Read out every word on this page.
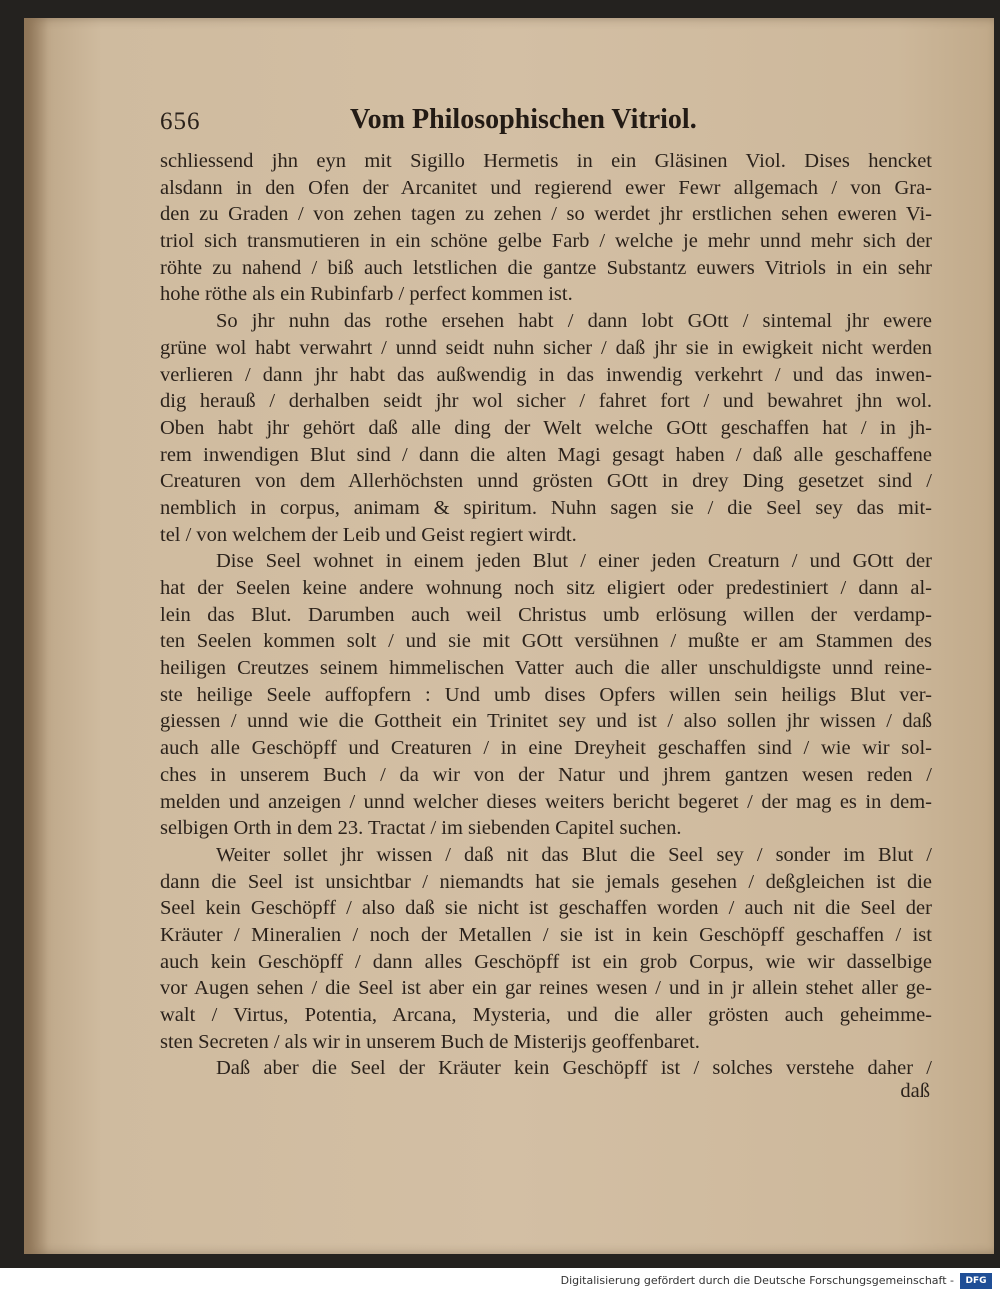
656	Vom Philosophischen Vitriol.
schliessend jhn eyn mit Sigillo Hermetis in ein Gläsinen Viol. Dises hencket
alsdann in den Ofen der Arcanitet und regierend ewer Fewr allgemach / von Gra-
den zu Graden / von zehen tagen zu zehen / so werdet jhr erstlichen sehen eweren Vi-
triol sich transmutieren in ein schöne gelbe Farb / welche je mehr unnd mehr sich der
röhte zu nahend / biß auch letstlichen die gantze Substantz euwers Vitriols in ein sehr
hohe röthe als ein Rubinfarb / perfect kommen ist.
So jhr nuhn das rothe ersehen habt / dann lobt GOtt / sintemal jhr ewere
grüne wol habt verwahrt / unnd seidt nuhn sicher / daß jhr sie in ewigkeit nicht werden
verlieren / dann jhr habt das außwendig in das inwendig verkehrt / und das inwen-
dig herauß / derhalben seidt jhr wol sicher / fahret fort / und bewahret jhn wol.
Oben habt jhr gehört daß alle ding der Welt welche GOtt geschaffen hat / in jh-
rem inwendigen Blut sind / dann die alten Magi gesagt haben / daß alle geschaffene
Creaturen von dem Allerhöchsten unnd grösten GOtt in drey Ding gesetzet sind /
nemblich in corpus, animam & spiritum. Nuhn sagen sie / die Seel sey das mit-
tel / von welchem der Leib und Geist regiert wirdt.
Dise Seel wohnet in einem jeden Blut / einer jeden Creaturn / und GOtt der
hat der Seelen keine andere wohnung noch sitz eligiert oder predestiniert / dann al-
lein das Blut. Darumben auch weil Christus umb erlösung willen der verdamp-
ten Seelen kommen solt / und sie mit GOtt versühnen / mußte er am Stammen des
heiligen Creutzes seinem himmelischen Vatter auch die aller unschuldigste unnd reine-
ste heilige Seele auffopfern : Und umb dises Opfers willen sein heiligs Blut ver-
giessen / unnd wie die Gottheit ein Trinitet sey und ist / also sollen jhr wissen / daß
auch alle Geschöpff und Creaturen / in eine Dreyheit geschaffen sind / wie wir sol-
ches in unserem Buch / da wir von der Natur und jhrem gantzen wesen reden /
melden und anzeigen / unnd welcher dieses weiters bericht begeret / der mag es in dem-
selbigen Orth in dem 23. Tractat / im siebenden Capitel suchen.
Weiter sollet jhr wissen / daß nit das Blut die Seel sey / sonder im Blut /
dann die Seel ist unsichtbar / niemandts hat sie jemals gesehen / deßgleichen ist die
Seel kein Geschöpff / also daß sie nicht ist geschaffen worden / auch nit die Seel der
Kräuter / Mineralien / noch der Metallen / sie ist in kein Geschöpff geschaffen / ist
auch kein Geschöpff / dann alles Geschöpff ist ein grob Corpus, wie wir dasselbige
vor Augen sehen / die Seel ist aber ein gar reines wesen / und in jr allein stehet aller ge-
walt / Virtus, Potentia, Arcana, Mysteria, und die aller grösten auch geheimme-
sten Secreten / als wir in unserem Buch de Misterijs geoffenbaret.
Daß aber die Seel der Kräuter kein Geschöpff ist / solches verstehe daher /
daß
Digitalisierung gefördert durch die Deutsche Forschungsgemeinschaft -	DFG
